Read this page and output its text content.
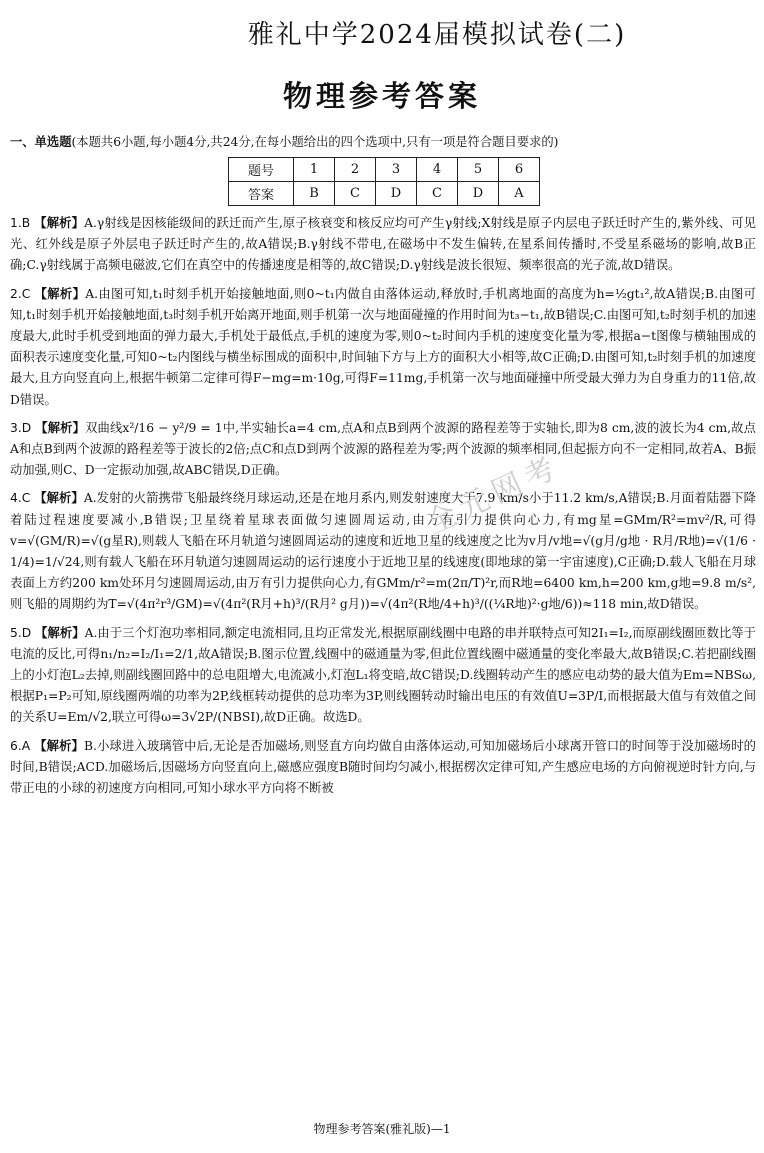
雅礼中学2024届模拟试卷(二)
物理参考答案
一、单选题(本题共6小题,每小题4分,共24分,在每小题给出的四个选项中,只有一项是符合题目要求的)
题号	1	2	3	4	5	6
答案	B	C	D	C	D	A

1.B 【解析】A.γ射线是因核能级间的跃迁而产生,原子核衰变和核反应均可产生γ射线;X射线是原子内层电子跃迁时产生的,紫外线、可见光、红外线是原子外层电子跃迁时产生的,故A错误;B.γ射线不带电,在磁场中不发生偏转,在星系间传播时,不受星系磁场的影响,故B正确;C.γ射线属于高频电磁波,它们在真空中的传播速度是相等的,故C错误;D.γ射线是波长很短、频率很高的光子流,故D错误。

2.C 【解析】A.由图可知,t₁时刻手机开始接触地面,则0~t₁内做自由落体运动,释放时,手机离地面的高度为h=½gt₁²,故A错误;B.由图可知,t₁时刻手机开始接触地面,t₃时刻手机开始离开地面,则手机第一次与地面碰撞的作用时间为t₃−t₁,故B错误;C.由图可知,t₂时刻手机的加速度最大,此时手机受到地面的弹力最大,手机处于最低点,手机的速度为零,则0~t₂时间内手机的速度变化量为零,根据a−t图像与横轴围成的面积表示速度变化量,可知0~t₂内图线与横坐标围成的面积中,时间轴下方与上方的面积大小相等,故C正确;D.由图可知,t₂时刻手机的加速度最大,且方向竖直向上,根据牛顿第二定律可得F−mg=m·10g,可得F=11mg,手机第一次与地面碰撞中所受最大弹力为自身重力的11倍,故D错误。

3.D 【解析】双曲线x²/16 − y²/9 = 1中,半实轴长a=4 cm,点A和点B到两个波源的路程差等于实轴长,即为8 cm,波的波长为4 cm,故点A和点B到两个波源的路程差等于波长的2倍;点C和点D到两个波源的路程差为零;两个波源的频率相同,但起振方向不一定相同,故若A、B振动加强,则C、D一定振动加强,故ABC错误,D正确。

4.C 【解析】A.发射的火箭携带飞船最终绕月球运动,还是在地月系内,则发射速度大于7.9 km/s小于11.2 km/s,A错误;B.月面着陆器下降着陆过程速度要减小,B错误;卫星绕着星球表面做匀速圆周运动,由万有引力提供向心力,有mg星=GMm/R²=mv²/R,可得v=√(GM/R)=√(g星R),则载人飞船在环月轨道匀速圆周运动的速度和近地卫星的线速度之比为v月/v地=√(g月/g地 · R月/R地)=√(1/6 · 1/4)=1/√24,则有载人飞船在环月轨道匀速圆周运动的运行速度小于近地卫星的线速度(即地球的第一宇宙速度),C正确;D.载人飞船在月球表面上方约200 km处环月匀速圆周运动,由万有引力提供向心力,有GMm/r²=m(2π/T)²r,而R地=6400 km,h=200 km,g地=9.8 m/s²,则飞船的周期约为T=√(4π²r³/GM)=√(4π²(R月+h)³/(R月² g月))=√(4π²(R地/4+h)³/((¼R地)²·g地/6))≈118 min,故D错误。

5.D 【解析】A.由于三个灯泡功率相同,额定电流相同,且均正常发光,根据原副线圈中电路的串并联特点可知2I₁=I₂,而原副线圈匝数比等于电流的反比,可得n₁/n₂=I₂/I₁=2/1,故A错误;B.图示位置,线圈中的磁通量为零,但此位置线圈中磁通量的变化率最大,故B错误;C.若把副线圈上的小灯泡L₂去掉,则副线圈回路中的总电阻增大,电流减小,灯泡L₁将变暗,故C错误;D.线圈转动产生的感应电动势的最大值为Em=NBSω,根据P₁=P₂可知,原线圈两端的功率为2P,线框转动提供的总功率为3P,则线圈转动时输出电压的有效值U=3P/I,而根据最大值与有效值之间的关系U=Em/√2,联立可得ω=3√2P/(NBSI),故D正确。故选D。

6.A 【解析】B.小球进入玻璃管中后,无论是否加磁场,则竖直方向均做自由落体运动,可知加磁场后小球离开管口的时间等于没加磁场时的时间,B错误;ACD.加磁场后,因磁场方向竖直向上,磁感应强度B随时间均匀减小,根据楞次定律可知,产生感应电场的方向俯视逆时针方向,与带正电的小球的初速度方向相同,可知小球水平方向将不断被

全元网考
物理参考答案(雅礼版)—1
